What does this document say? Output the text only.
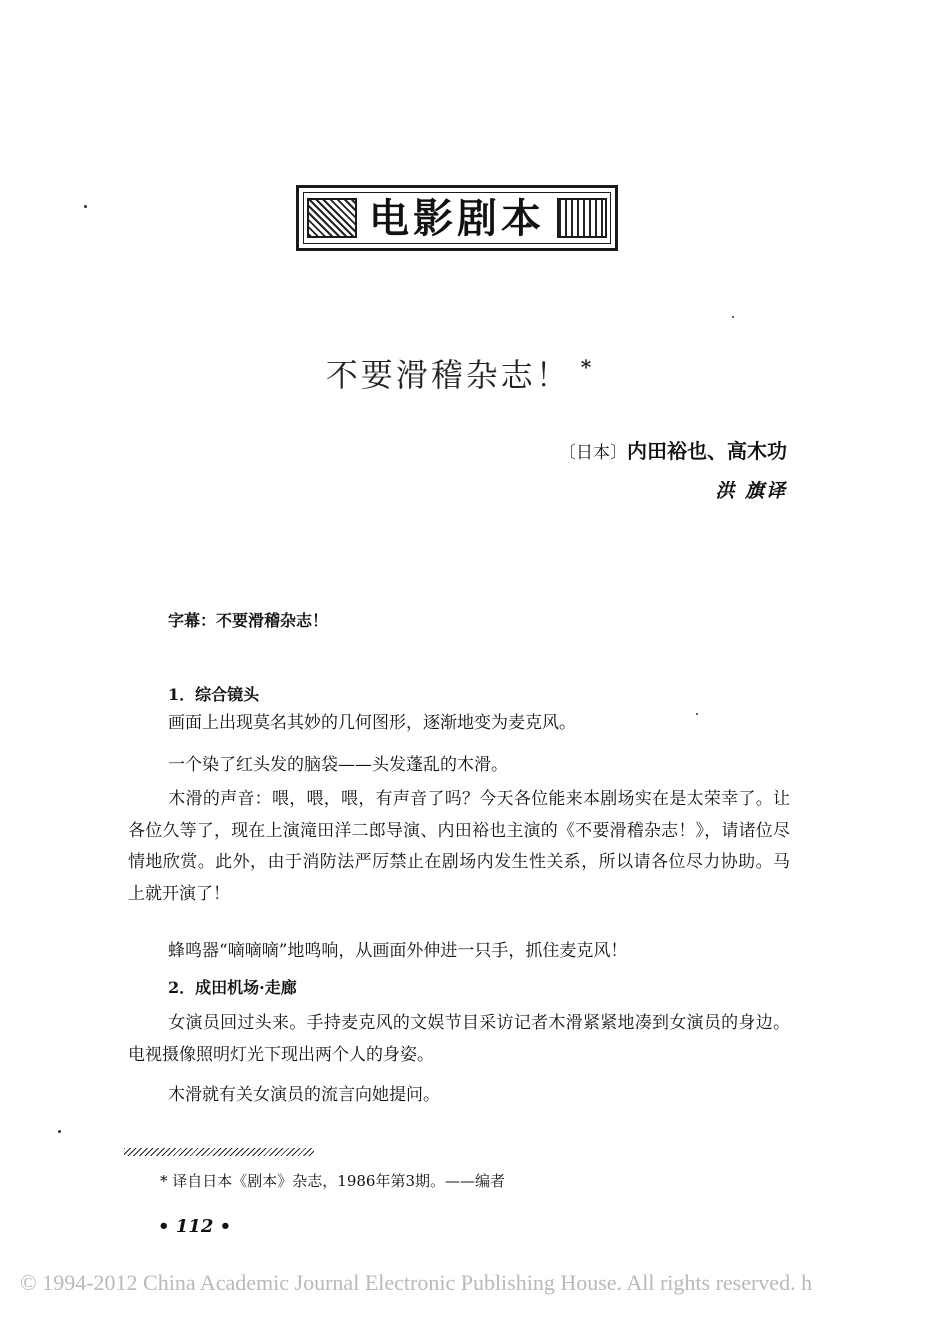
电影剧本
不要滑稽杂志！ *
〔日本〕内田裕也、高木功
洪 旗译
字幕：不要滑稽杂志！
1．综合镜头
画面上出现莫名其妙的几何图形，逐渐地变为麦克风。
一个染了红头发的脑袋——头发蓬乱的木滑。
木滑的声音：喂，喂，喂，有声音了吗？今天各位能来本剧场实在是太荣幸了。让各位久等了，现在上演滝田洋二郎导演、内田裕也主演的《不要滑稽杂志！》，请诸位尽情地欣赏。此外，由于消防法严厉禁止在剧场内发生性关系，所以请各位尽力协助。马上就开演了！
蜂鸣器“嘀嘀嘀”地鸣响，从画面外伸进一只手，抓住麦克风！
2．成田机场·走廊
女演员回过头来。手持麦克风的文娱节目采访记者木滑紧紧地凑到女演员的身边。电视摄像照明灯光下现出两个人的身姿。
木滑就有关女演员的流言向她提问。
* 译自日本《剧本》杂志，1986年第3期。——编者
• 112 •
© 1994-2012 China Academic Journal Electronic Publishing House. All rights reserved. h
